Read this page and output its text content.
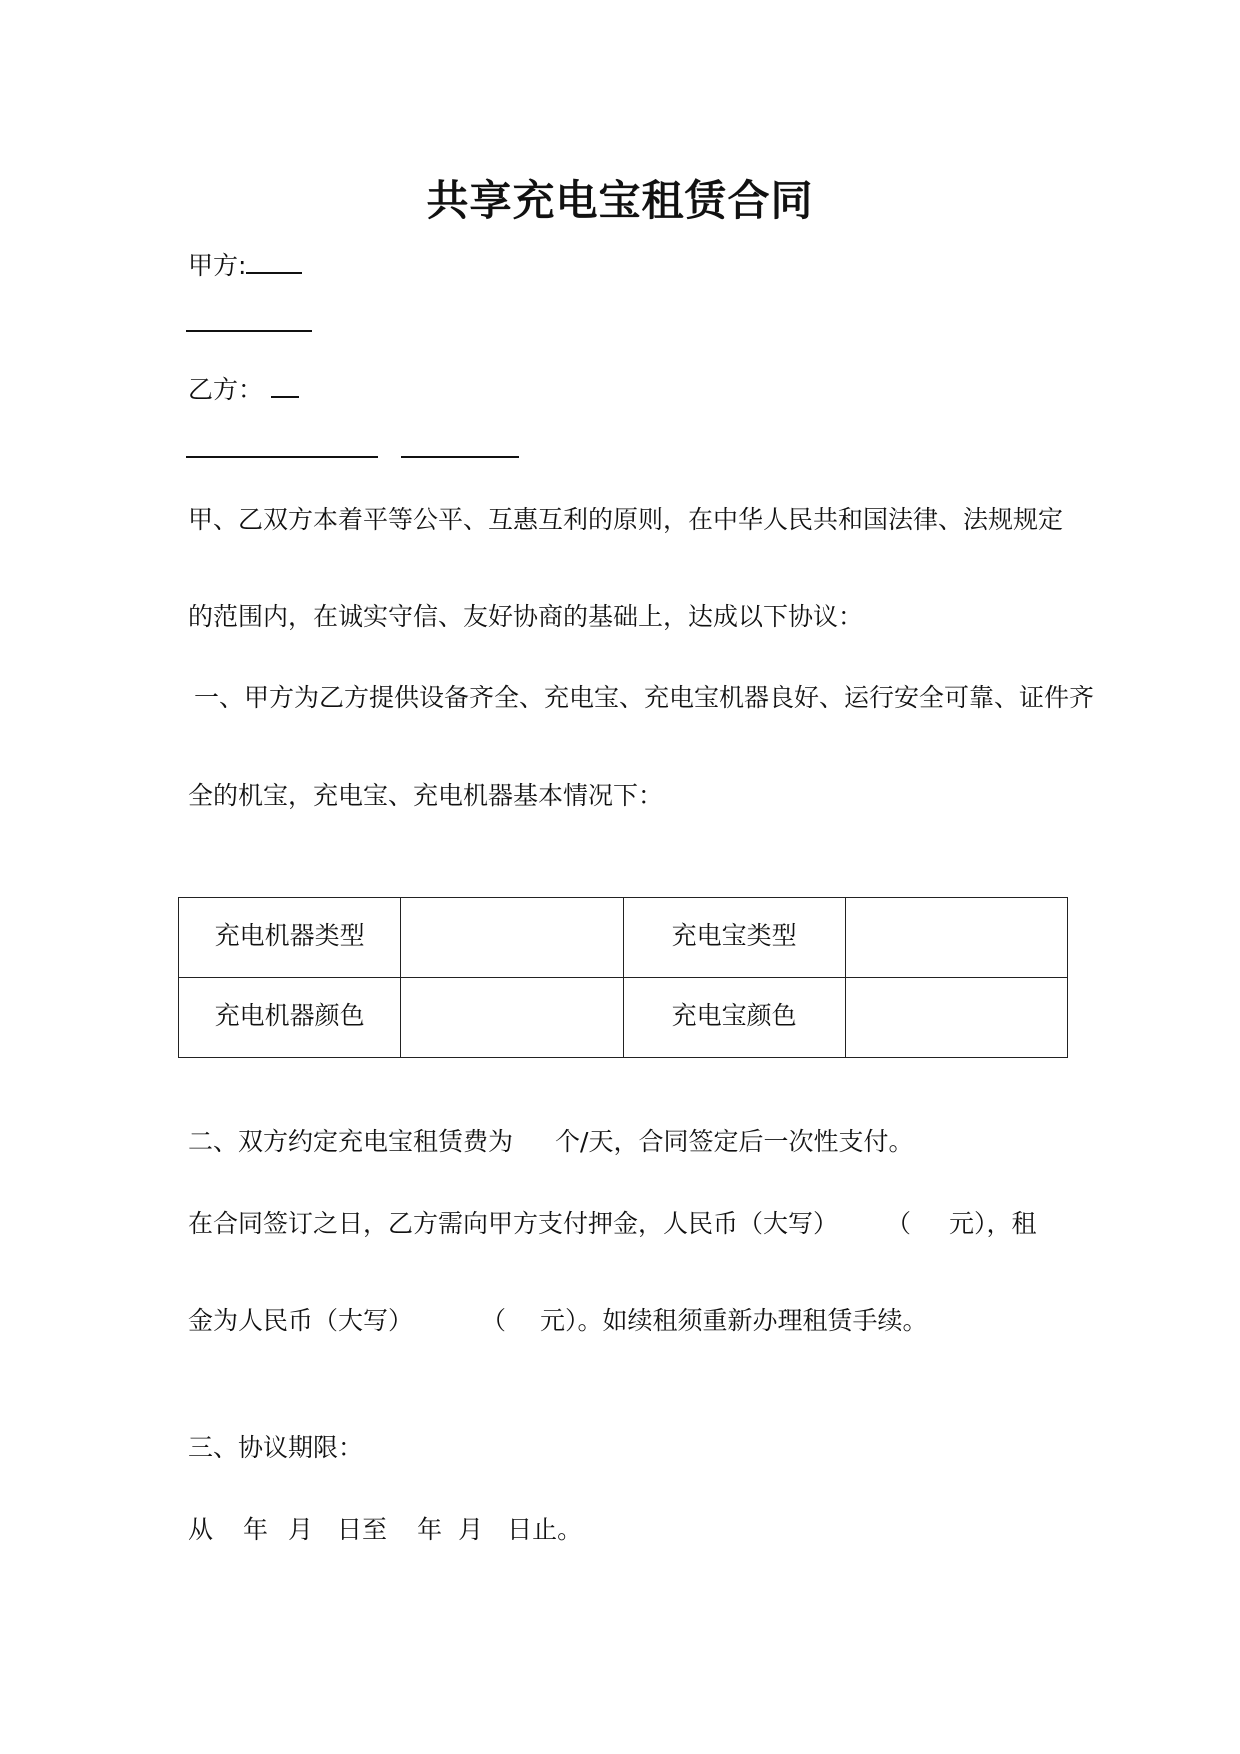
共享充电宝租赁合同
甲方:
乙方：
甲、乙双方本着平等公平、互惠互利的原则，在中华人民共和国法律、法规规定
的范围内，在诚实守信、友好协商的基础上，达成以下协议：
一、甲方为乙方提供设备齐全、充电宝、充电宝机器良好、运行安全可靠、证件齐
全的机宝，充电宝、充电机器基本情况下：
充电机器类型		充电宝类型	
充电机器颜色		充电宝颜色	
二、双方约定充电宝租赁费为 个/天，合同签定后一次性支付。
在合同签订之日，乙方需向甲方支付押金，人民币（大写） （ 元），租
金为人民币（大写）	（ 元）。如续租须重新办理租赁手续。
三、协议期限：
从 年 月 日至 年 月 日止。
